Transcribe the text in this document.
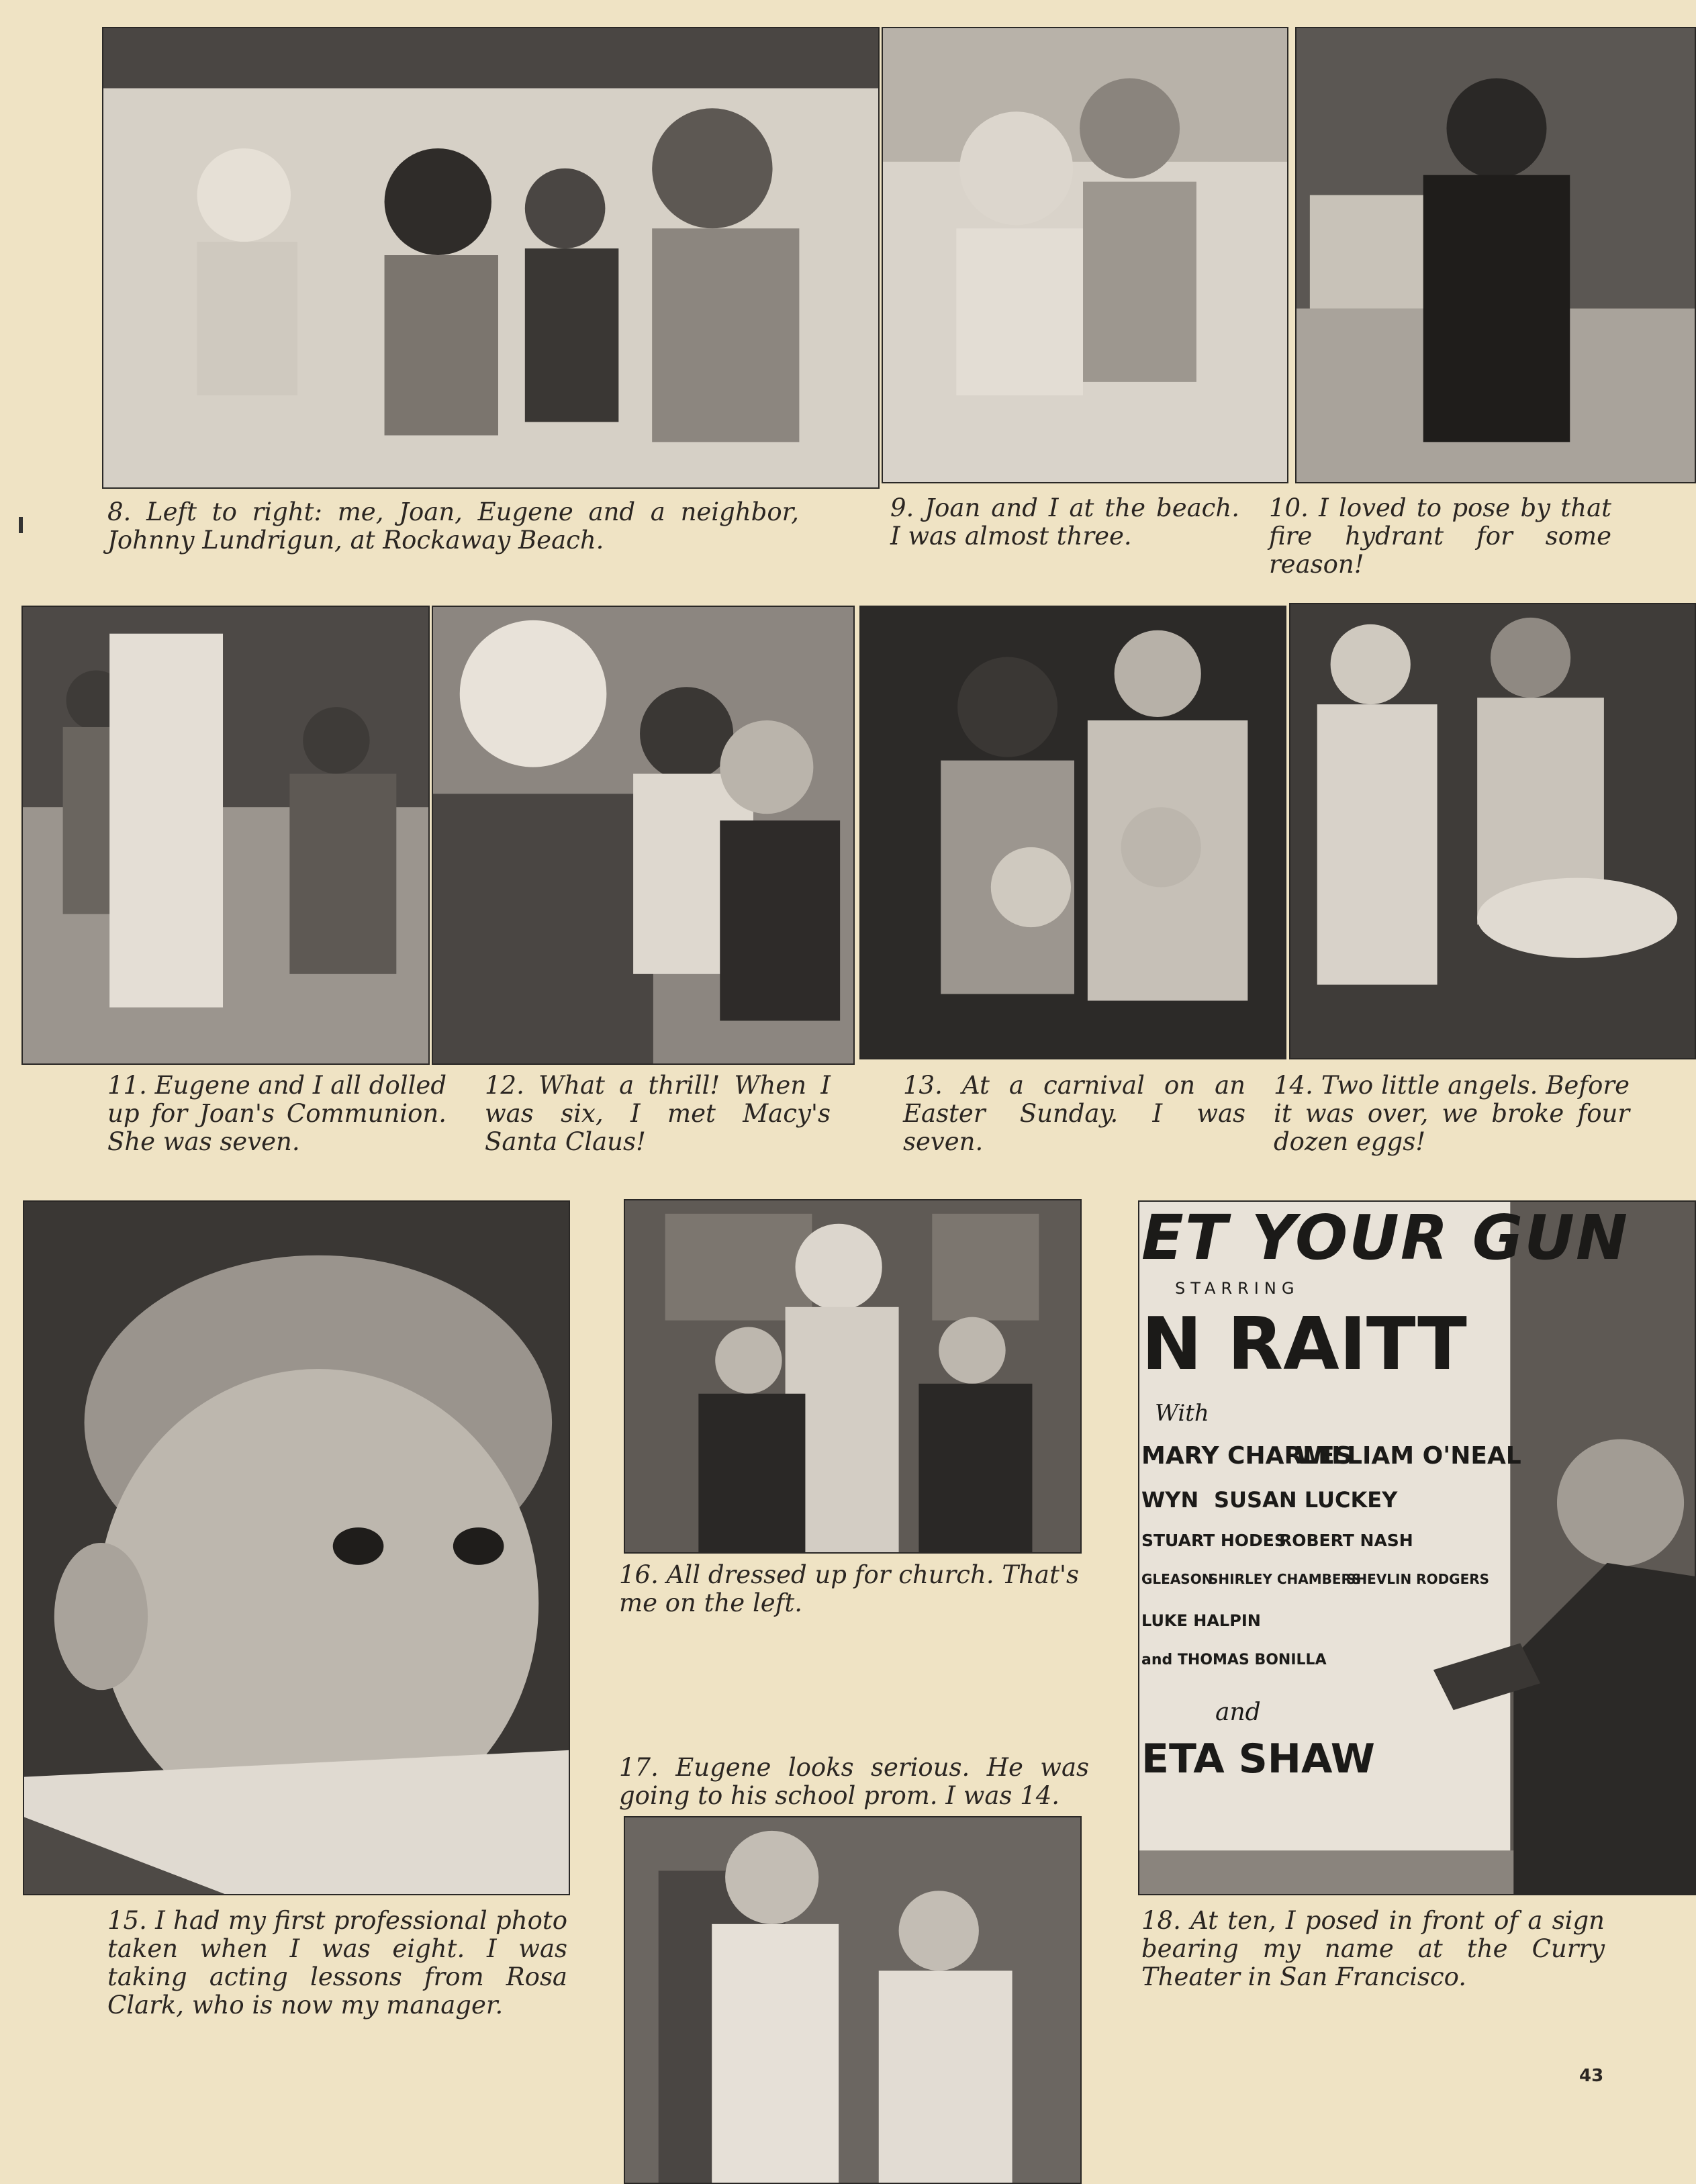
8. Left to right: me, Joan, Eugene and a neighbor, Johnny Lundrigun, at Rockaway Beach.
9. Joan and I at the beach. I was almost three.
10. I loved to pose by that fire hydrant for some reason!
11. Eugene and I all dolled up for Joan's Communion. She was seven.
12. What a thrill! When I was six, I met Macy's Santa Claus!
13. At a carnival on an Easter Sunday. I was seven.
14. Two little angels. Before it was over, we broke four dozen eggs!
ET YOUR GUN
STARRING
N RAITT
With
MARY CHARLES
WILLIAM O'NEAL
WYN SUSAN LUCKEY
STUART HODES
ROBERT NASH
GLEASON
SHIRLEY CHAMBERS
SHEVLIN RODGERS
LUKE HALPIN
and THOMAS BONILLA
and
ETA SHAW
15. I had my first professional photo taken when I was eight. I was taking acting lessons from Rosa Clark, who is now my manager.
16. All dressed up for church. That's me on the left.
17. Eugene looks serious. He was going to his school prom. I was 14.
18. At ten, I posed in front of a sign bearing my name at the Curry Theater in San Francisco.
43
